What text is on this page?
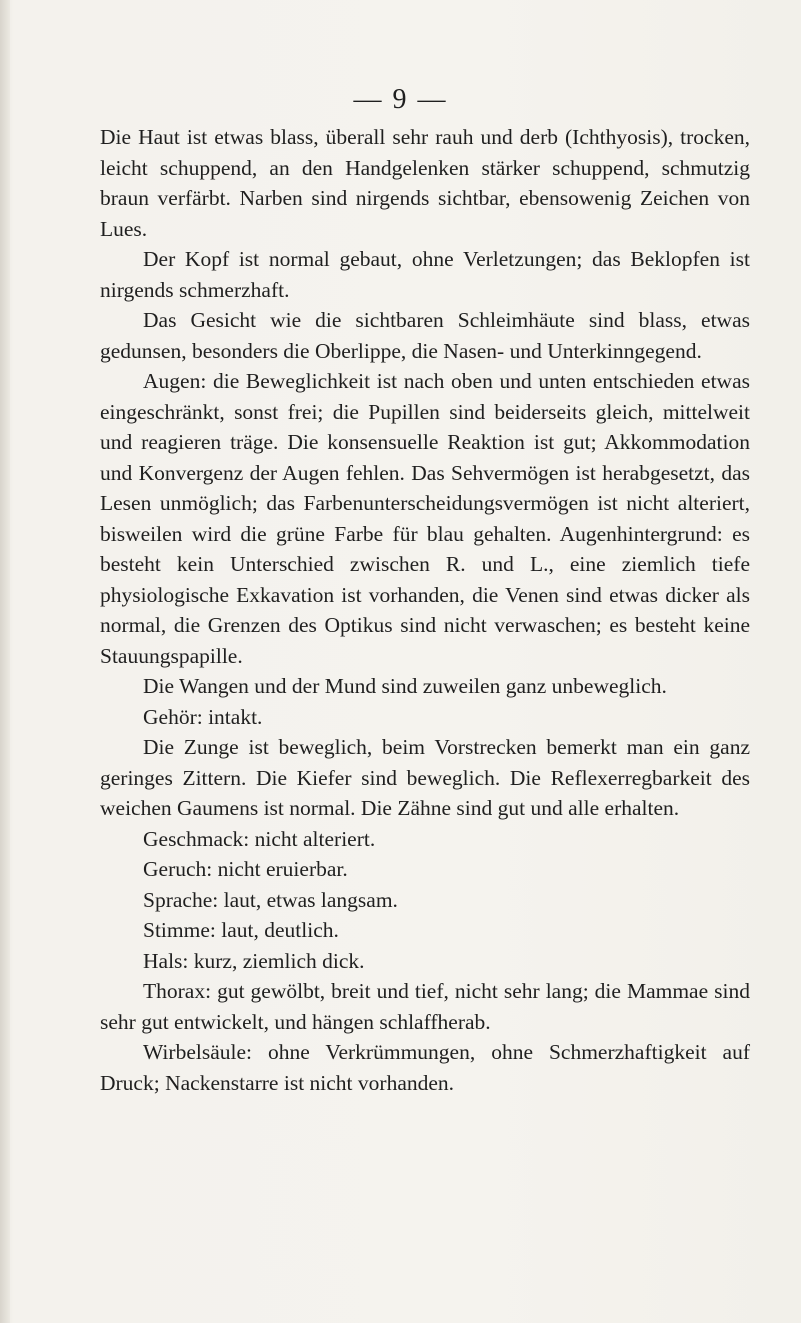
— 9 —

Die Haut ist etwas blass, überall sehr rauh und derb (Ichthyosis), trocken, leicht schuppend, an den Handgelenken stärker schuppend, schmutzig braun verfärbt. Narben sind nirgends sichtbar, ebensowenig Zeichen von Lues.

Der Kopf ist normal gebaut, ohne Verletzungen; das Beklopfen ist nirgends schmerzhaft.

Das Gesicht wie die sichtbaren Schleimhäute sind blass, etwas gedunsen, besonders die Oberlippe, die Nasen- und Unterkinngegend.

Augen: die Beweglichkeit ist nach oben und unten entschieden etwas eingeschränkt, sonst frei; die Pupillen sind beiderseits gleich, mittelweit und reagieren träge. Die konsensuelle Reaktion ist gut; Akkommodation und Konvergenz der Augen fehlen. Das Sehvermögen ist herabgesetzt, das Lesen unmöglich; das Farbenunterscheidungsvermögen ist nicht alteriert, bisweilen wird die grüne Farbe für blau gehalten. Augenhintergrund: es besteht kein Unterschied zwischen R. und L., eine ziemlich tiefe physiologische Exkavation ist vorhanden, die Venen sind etwas dicker als normal, die Grenzen des Optikus sind nicht verwaschen; es besteht keine Stauungspapille.

Die Wangen und der Mund sind zuweilen ganz unbeweglich.

Gehör: intakt.

Die Zunge ist beweglich, beim Vorstrecken bemerkt man ein ganz geringes Zittern. Die Kiefer sind beweglich. Die Reflexerregbarkeit des weichen Gaumens ist normal. Die Zähne sind gut und alle erhalten.

Geschmack: nicht alteriert.

Geruch: nicht eruierbar.

Sprache: laut, etwas langsam.

Stimme: laut, deutlich.

Hals: kurz, ziemlich dick.

Thorax: gut gewölbt, breit und tief, nicht sehr lang; die Mammae sind sehr gut entwickelt, und hängen schlaffherab.

Wirbelsäule: ohne Verkrümmungen, ohne Schmerzhaftigkeit auf Druck; Nackenstarre ist nicht vorhanden.
